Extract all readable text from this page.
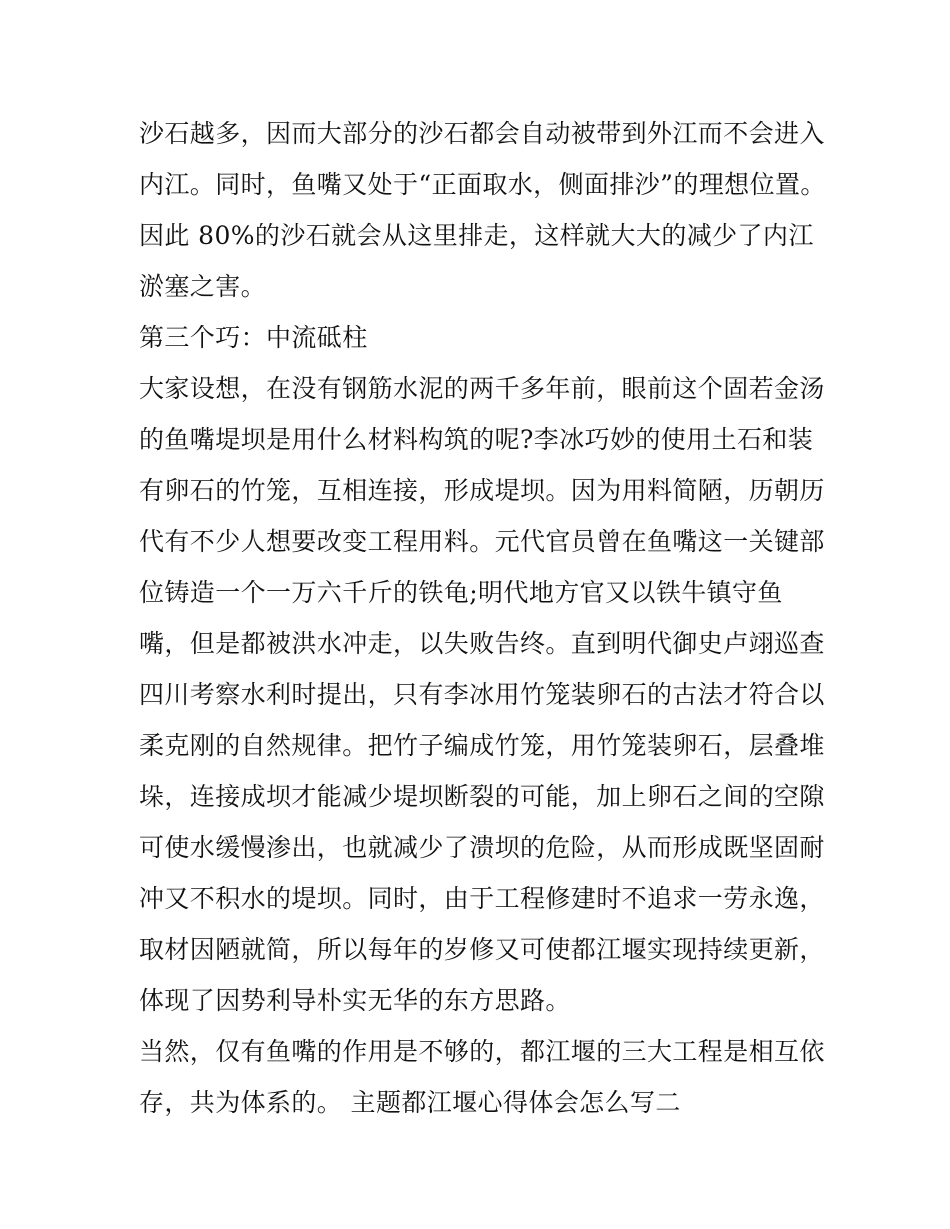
沙石越多，因而大部分的沙石都会自动被带到外江而不会进入
内江。同时，鱼嘴又处于“正面取水，侧面排沙”的理想位置。
因此 80%的沙石就会从这里排走，这样就大大的减少了内江
淤塞之害。
第三个巧：中流砥柱
大家设想，在没有钢筋水泥的两千多年前，眼前这个固若金汤
的鱼嘴堤坝是用什么材料构筑的呢?李冰巧妙的使用土石和装
有卵石的竹笼，互相连接，形成堤坝。因为用料简陋，历朝历
代有不少人想要改变工程用料。元代官员曾在鱼嘴这一关键部
位铸造一个一万六千斤的铁龟;明代地方官又以铁牛镇守鱼
嘴，但是都被洪水冲走，以失败告终。直到明代御史卢翊巡查
四川考察水利时提出，只有李冰用竹笼装卵石的古法才符合以
柔克刚的自然规律。把竹子编成竹笼，用竹笼装卵石，层叠堆
垛，连接成坝才能减少堤坝断裂的可能，加上卵石之间的空隙
可使水缓慢渗出，也就减少了溃坝的危险，从而形成既坚固耐
冲又不积水的堤坝。同时，由于工程修建时不追求一劳永逸，
取材因陋就简，所以每年的岁修又可使都江堰实现持续更新，
体现了因势利导朴实无华的东方思路。
当然，仅有鱼嘴的作用是不够的，都江堰的三大工程是相互依
存，共为体系的。 主题都江堰心得体会怎么写二
